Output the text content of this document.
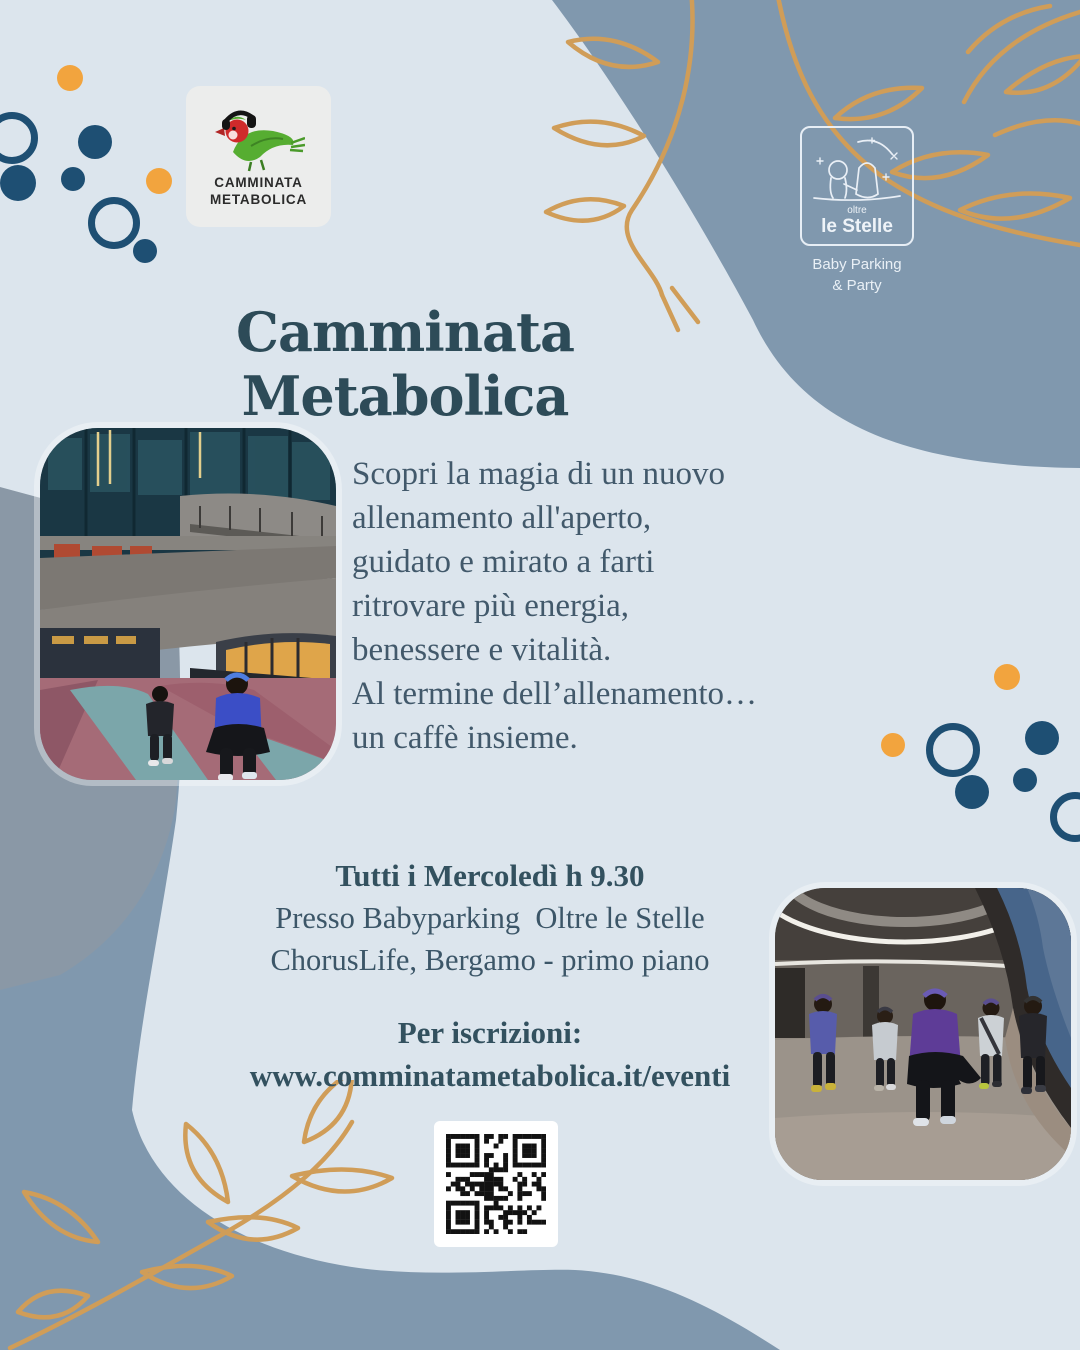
CAMMINATA
METABOLICA
oltre
le Stelle
Baby Parking
& Party
Camminata Metabolica
Scopri la magia di un nuovo
allenamento all'aperto,
guidato e mirato a farti
ritrovare più energia,
benessere e vitalità.
Al termine dell’allenamento…
un caffè insieme.
Tutti i Mercoledì h 9.30
Presso Babyparking  Oltre le Stelle
ChorusLife, Bergamo - primo piano
Per iscrizioni:
www.comminatametabolica.it/eventi
